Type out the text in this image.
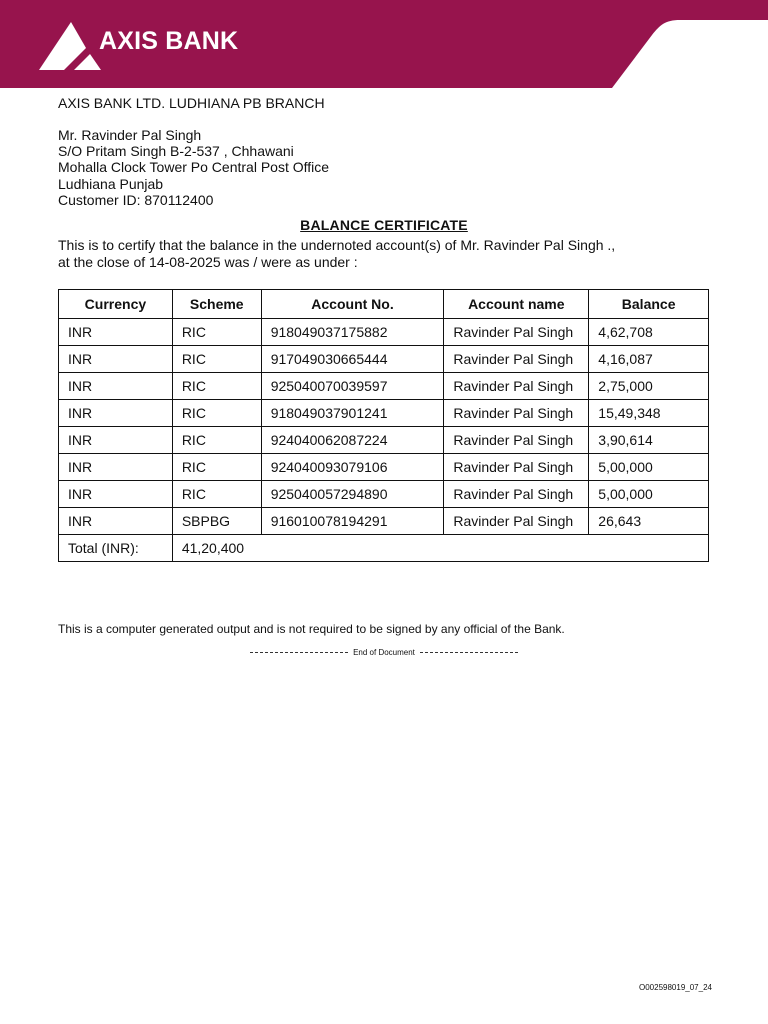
AXIS BANK
AXIS BANK LTD. LUDHIANA PB BRANCH
Mr. Ravinder Pal Singh
S/O Pritam Singh B-2-537 , Chhawani
Mohalla Clock Tower Po Central Post Office
Ludhiana Punjab
Customer ID: 870112400
BALANCE CERTIFICATE
This is to certify that the balance in the undernoted account(s) of Mr. Ravinder Pal Singh .,
at the close of 14-08-2025 was / were as under :
Currency	Scheme	Account No.	Account name	Balance
INR	RIC	918049037175882	Ravinder Pal Singh	4,62,708
INR	RIC	917049030665444	Ravinder Pal Singh	4,16,087
INR	RIC	925040070039597	Ravinder Pal Singh	2,75,000
INR	RIC	918049037901241	Ravinder Pal Singh	15,49,348
INR	RIC	924040062087224	Ravinder Pal Singh	3,90,614
INR	RIC	924040093079106	Ravinder Pal Singh	5,00,000
INR	RIC	925040057294890	Ravinder Pal Singh	5,00,000
INR	SBPBG	916010078194291	Ravinder Pal Singh	26,643
Total (INR):	41,20,400			
This is a computer generated output and is not required to be signed by any official of the Bank.
End of Document
O002598019_07_24
